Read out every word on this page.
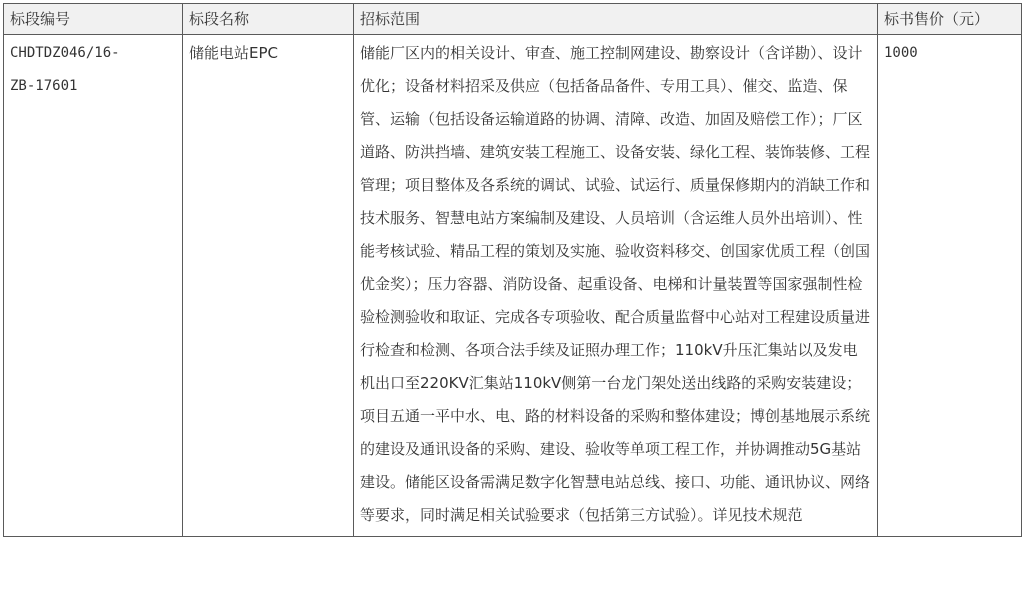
标段编号	标段名称	招标范围	标书售价（元）

CHDTDZ046/16-
ZB-17601	储能电站EPC	储能厂区内的相关设计、审查、施工控制网建设、勘察设计（含详勘）、设计优化；设备材料招采及供应（包括备品备件、专用工具）、催交、监造、保管、运输（包括设备运输道路的协调、清障、改造、加固及赔偿工作）；厂区道路、防洪挡墙、建筑安装工程施工、设备安装、绿化工程、装饰装修、工程管理；项目整体及各系统的调试、试验、试运行、质量保修期内的消缺工作和技术服务、智慧电站方案编制及建设、人员培训（含运维人员外出培训）、性能考核试验、精品工程的策划及实施、验收资料移交、创国家优质工程（创国优金奖）；压力容器、消防设备、起重设备、电梯和计量装置等国家强制性检验检测验收和取证、完成各专项验收、配合质量监督中心站对工程建设质量进行检查和检测、各项合法手续及证照办理工作；110kV升压汇集站以及发电机出口至220KV汇集站110kV侧第一台龙门架处送出线路的采购安装建设；项目五通一平中水、电、路的材料设备的采购和整体建设；博创基地展示系统的建设及通讯设备的采购、建设、验收等单项工程工作，并协调推动5G基站建设。储能区设备需满足数字化智慧电站总线、接口、功能、通讯协议、网络等要求，同时满足相关试验要求（包括第三方试验）。详见技术规范	1000
